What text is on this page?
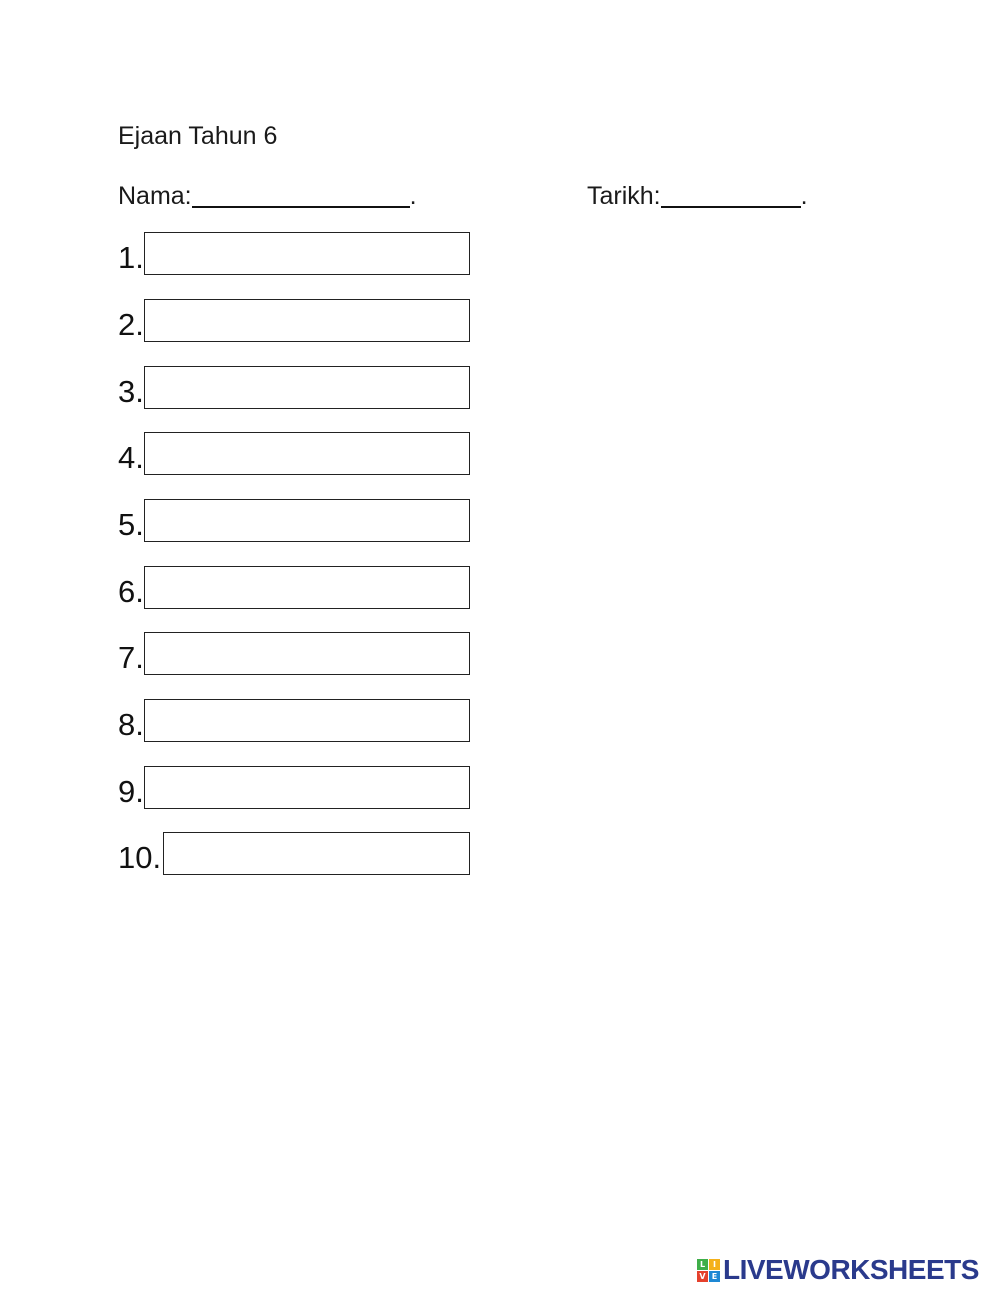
Ejaan Tahun 6
Nama:	.	Tarikh:	.
1.
2.
3.
4.
5.
6.
7.
8.
9.
10.
L I
V E LIVEWORKSHEETS
